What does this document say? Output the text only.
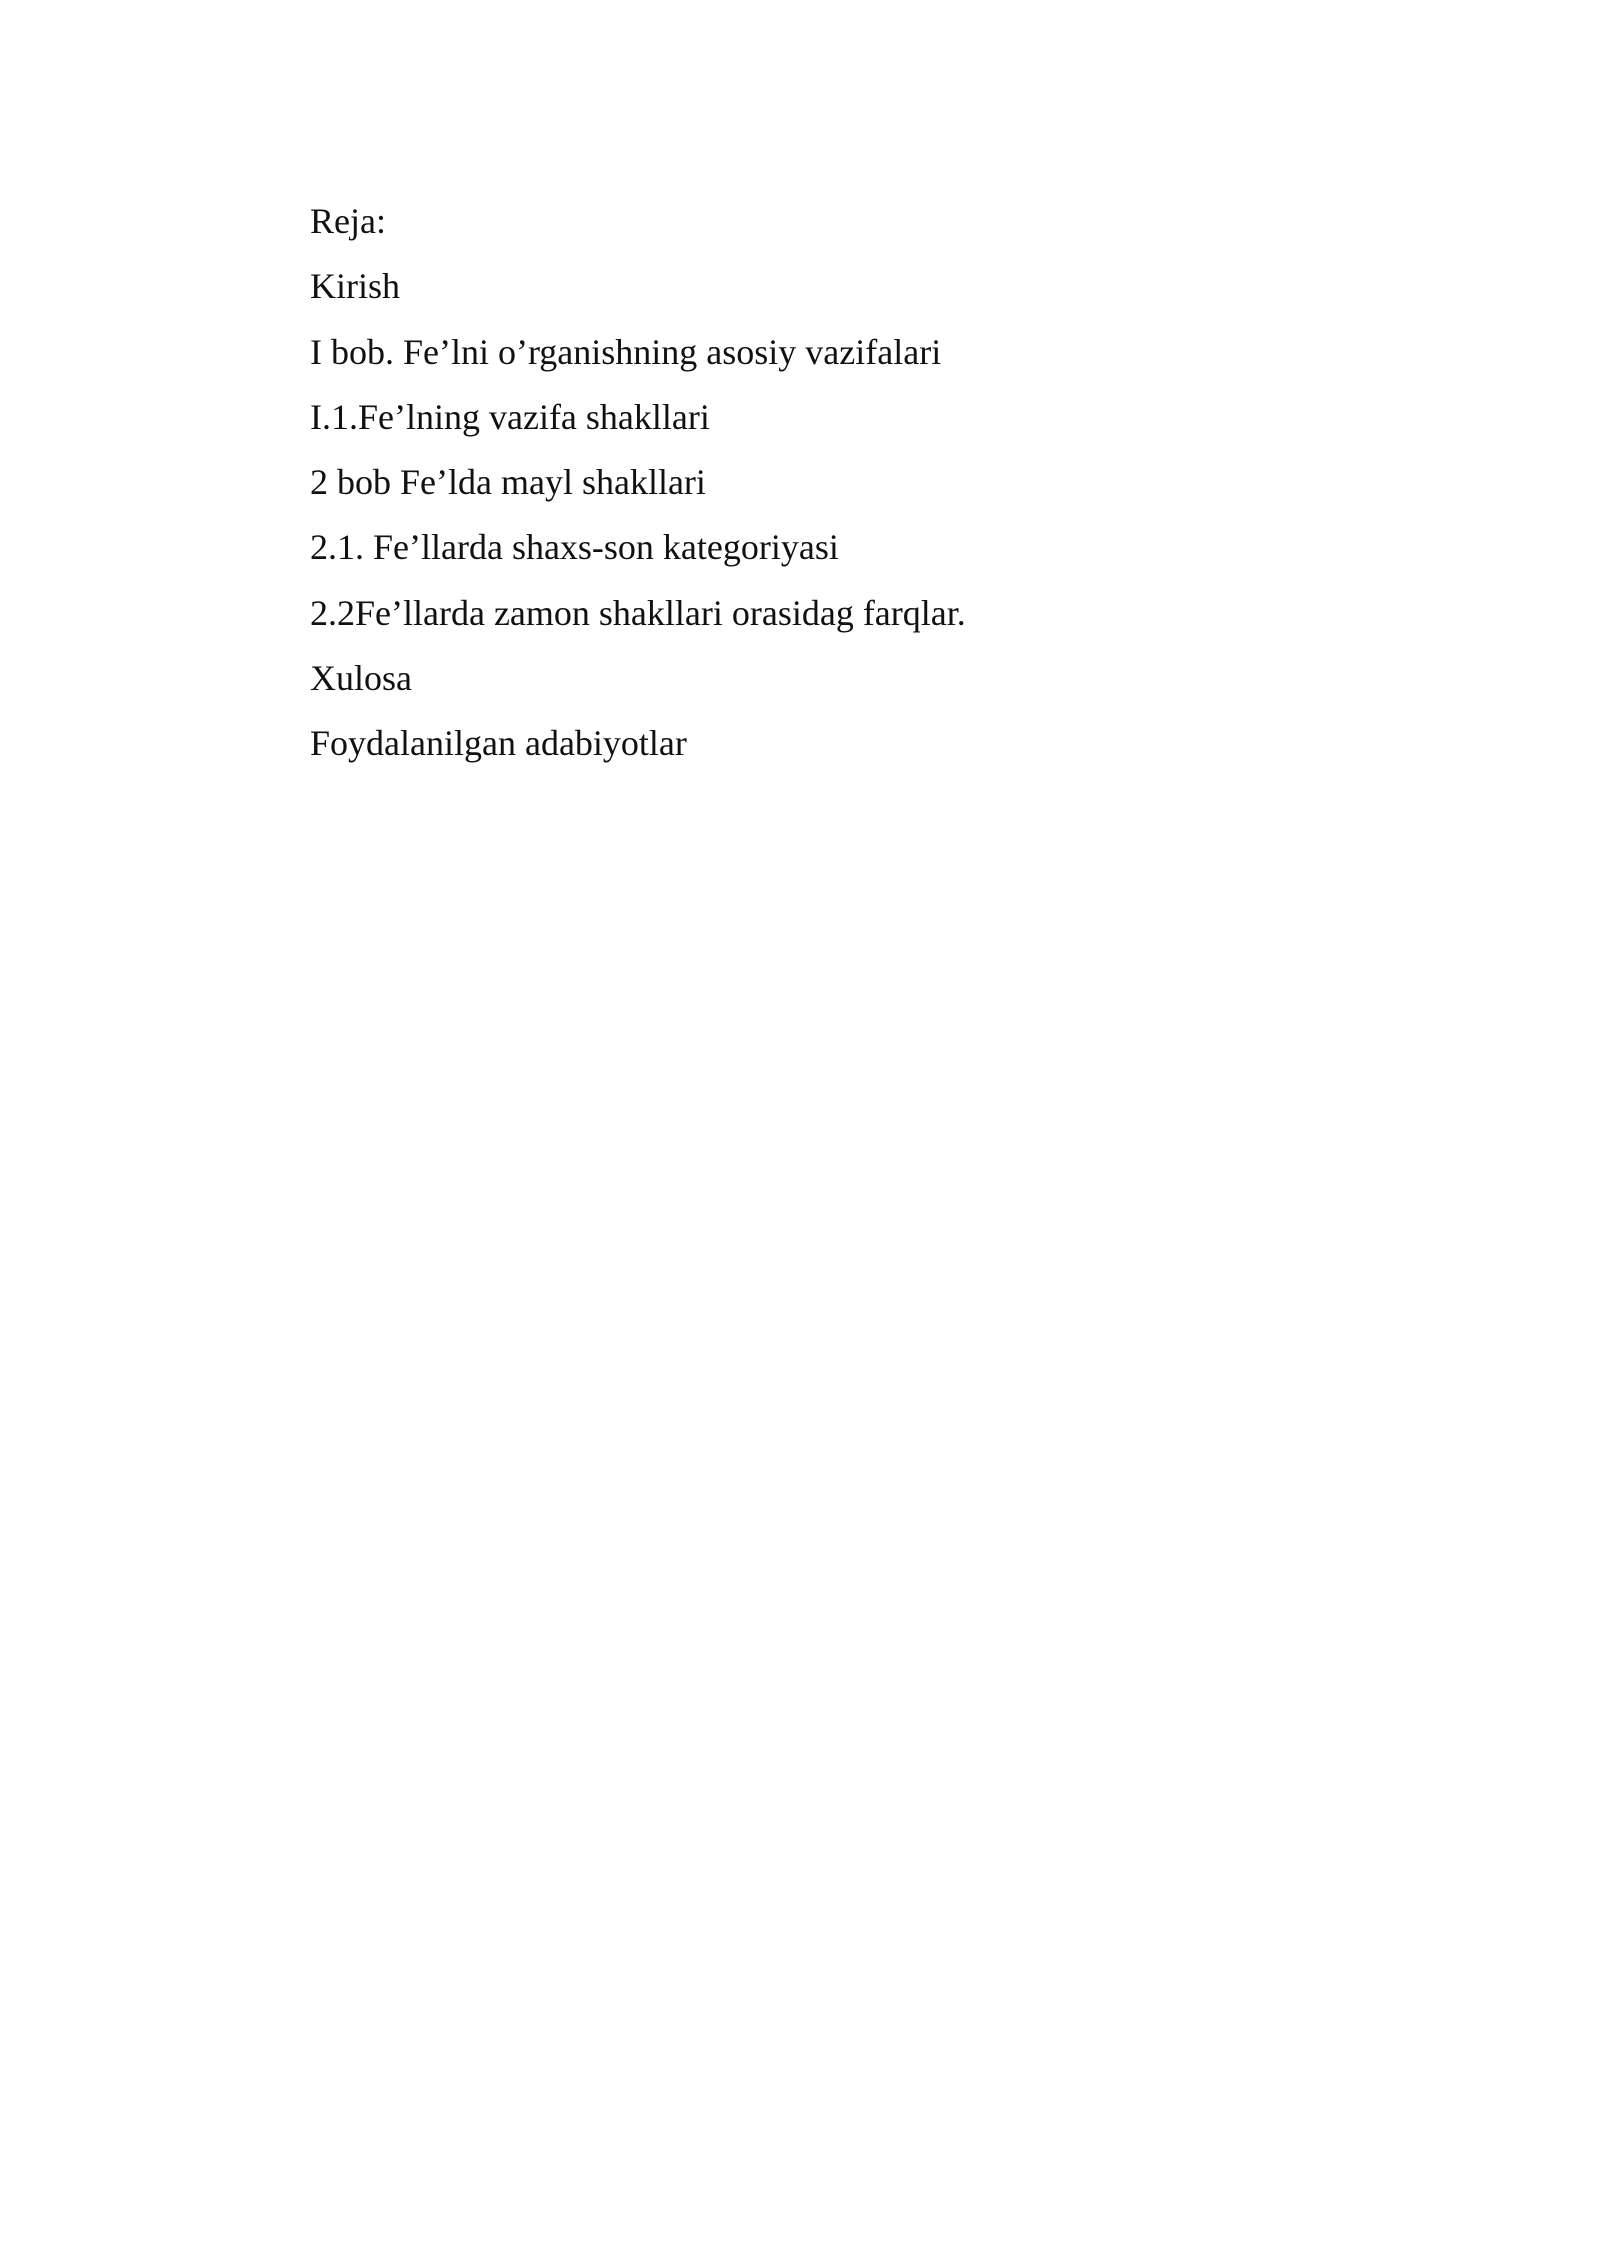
Reja:

Kirish

I bob. Fe’lni o’rganishning asosiy vazifalari

I.1.Fe’lning vazifa shakllari

2 bob Fe’lda mayl shakllari

2.1. Fe’llarda shaxs-son kategoriyasi

2.2Fe’llarda zamon shakllari orasidag farqlar.

Xulosa

Foydalanilgan adabiyotlar
